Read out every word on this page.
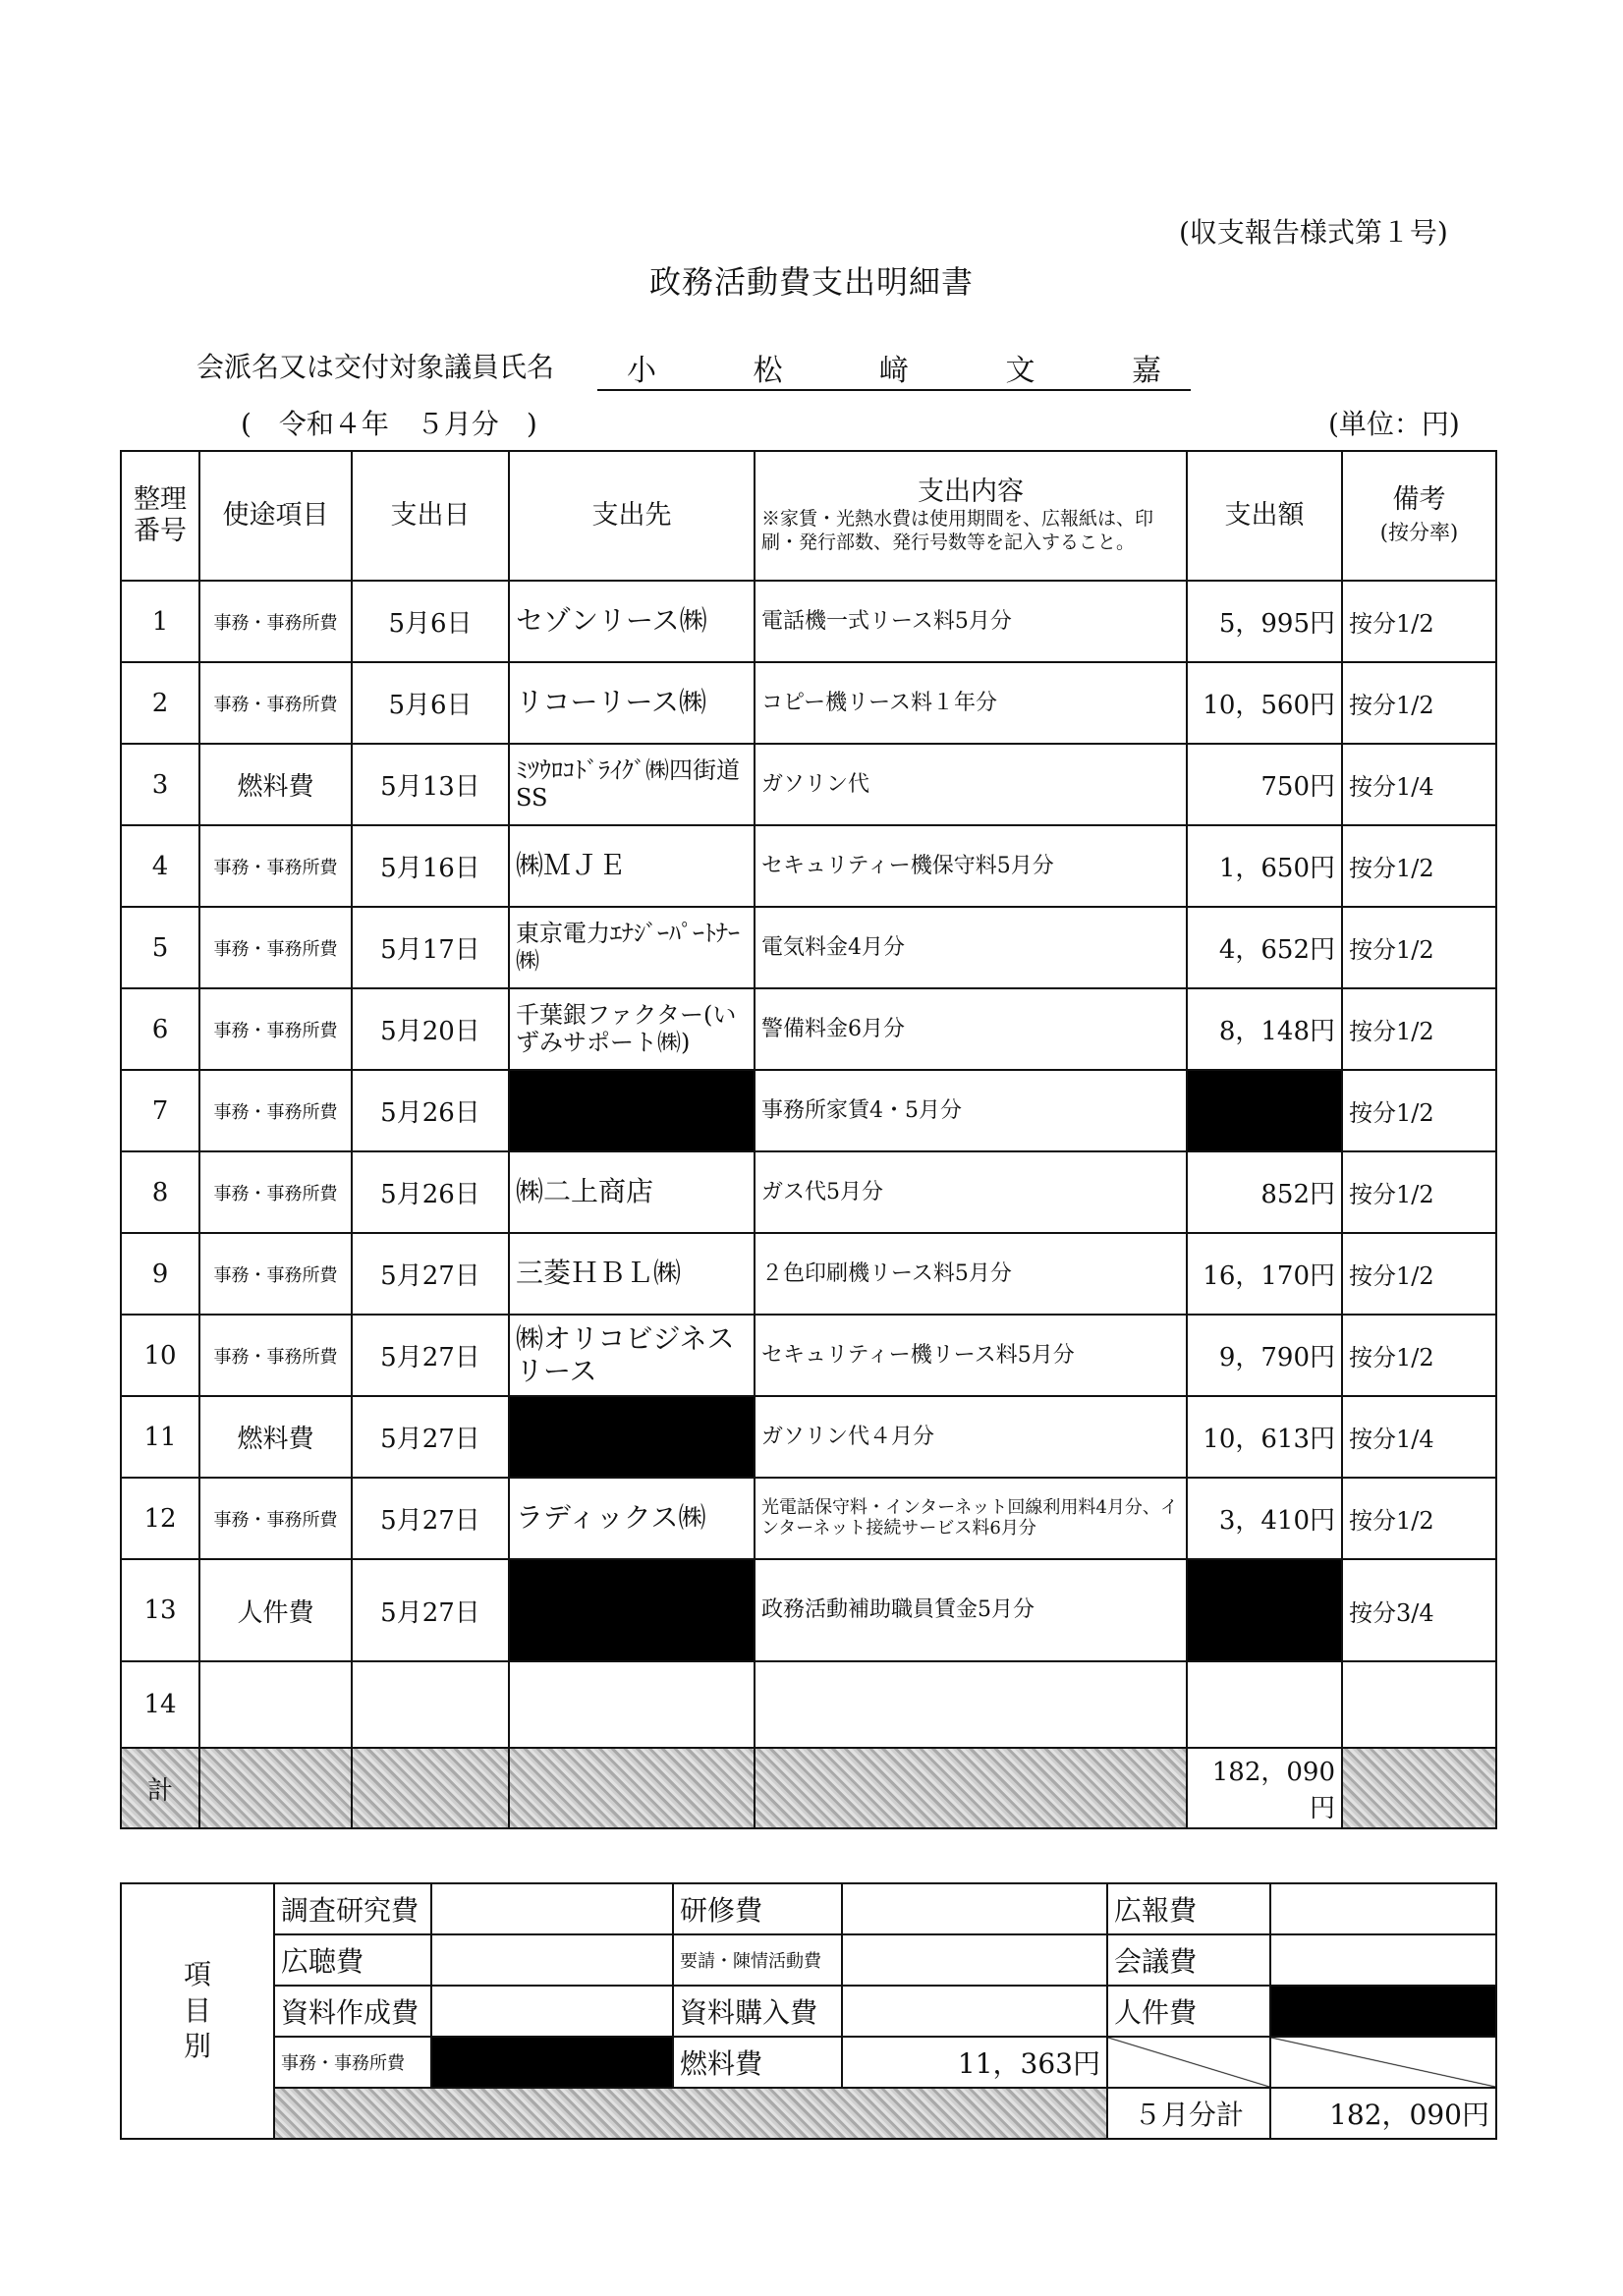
(収支報告様式第１号)
政務活動費支出明細書
会派名又は交付対象議員氏名 小	松	﨑	文	嘉
(　令和４年　５月分　)	(単位：円)
整理番号	使途項目	支出日	支出先	支出内容
※家賃・光熱水費は使用期間を、広報紙は、印刷・発行部数、発行号数等を記入すること。	支出額	備考
(按分率)
1	事務・事務所費	5月6日	セゾンリース㈱	電話機一式リース料5月分	5，995円	按分1/2
2	事務・事務所費	5月6日	リコーリース㈱	コピー機リース料１年分	10，560円	按分1/2
3	燃料費	5月13日	ﾐﾂｳﾛｺﾄﾞﾗｲｸﾞ㈱四街道SS	ガソリン代	750円	按分1/4
4	事務・事務所費	5月16日	㈱ＭＪＥ	セキュリティー機保守料5月分	1，650円	按分1/2
5	事務・事務所費	5月17日	東京電力ｴﾅｼﾞｰﾊﾟｰﾄﾅｰ㈱	電気料金4月分	4，652円	按分1/2
6	事務・事務所費	5月20日	千葉銀ファクター(いずみサポート㈱)	警備料金6月分	8，148円	按分1/2
7	事務・事務所費	5月26日		事務所家賃4・5月分		按分1/2
8	事務・事務所費	5月26日	㈱二上商店	ガス代5月分	852円	按分1/2
9	事務・事務所費	5月27日	三菱ＨＢＬ㈱	２色印刷機リース料5月分	16，170円	按分1/2
10	事務・事務所費	5月27日	㈱オリコビジネスリース	セキュリティー機リース料5月分	9，790円	按分1/2
11	燃料費	5月27日		ガソリン代４月分	10，613円	按分1/4
12	事務・事務所費	5月27日	ラディックス㈱	光電話保守料・インターネット回線利用料4月分、インターネット接続サービス料6月分	3，410円	按分1/2
13	人件費	5月27日		政務活動補助職員賃金5月分		按分3/4
14						
計					182，090円	
項目別	調査研究費		研修費		広報費	
	広聴費		要請・陳情活動費		会議費	
	資料作成費		資料購入費		人件費	
	事務・事務所費		燃料費	11，363円		
					５月分計	182，090円
